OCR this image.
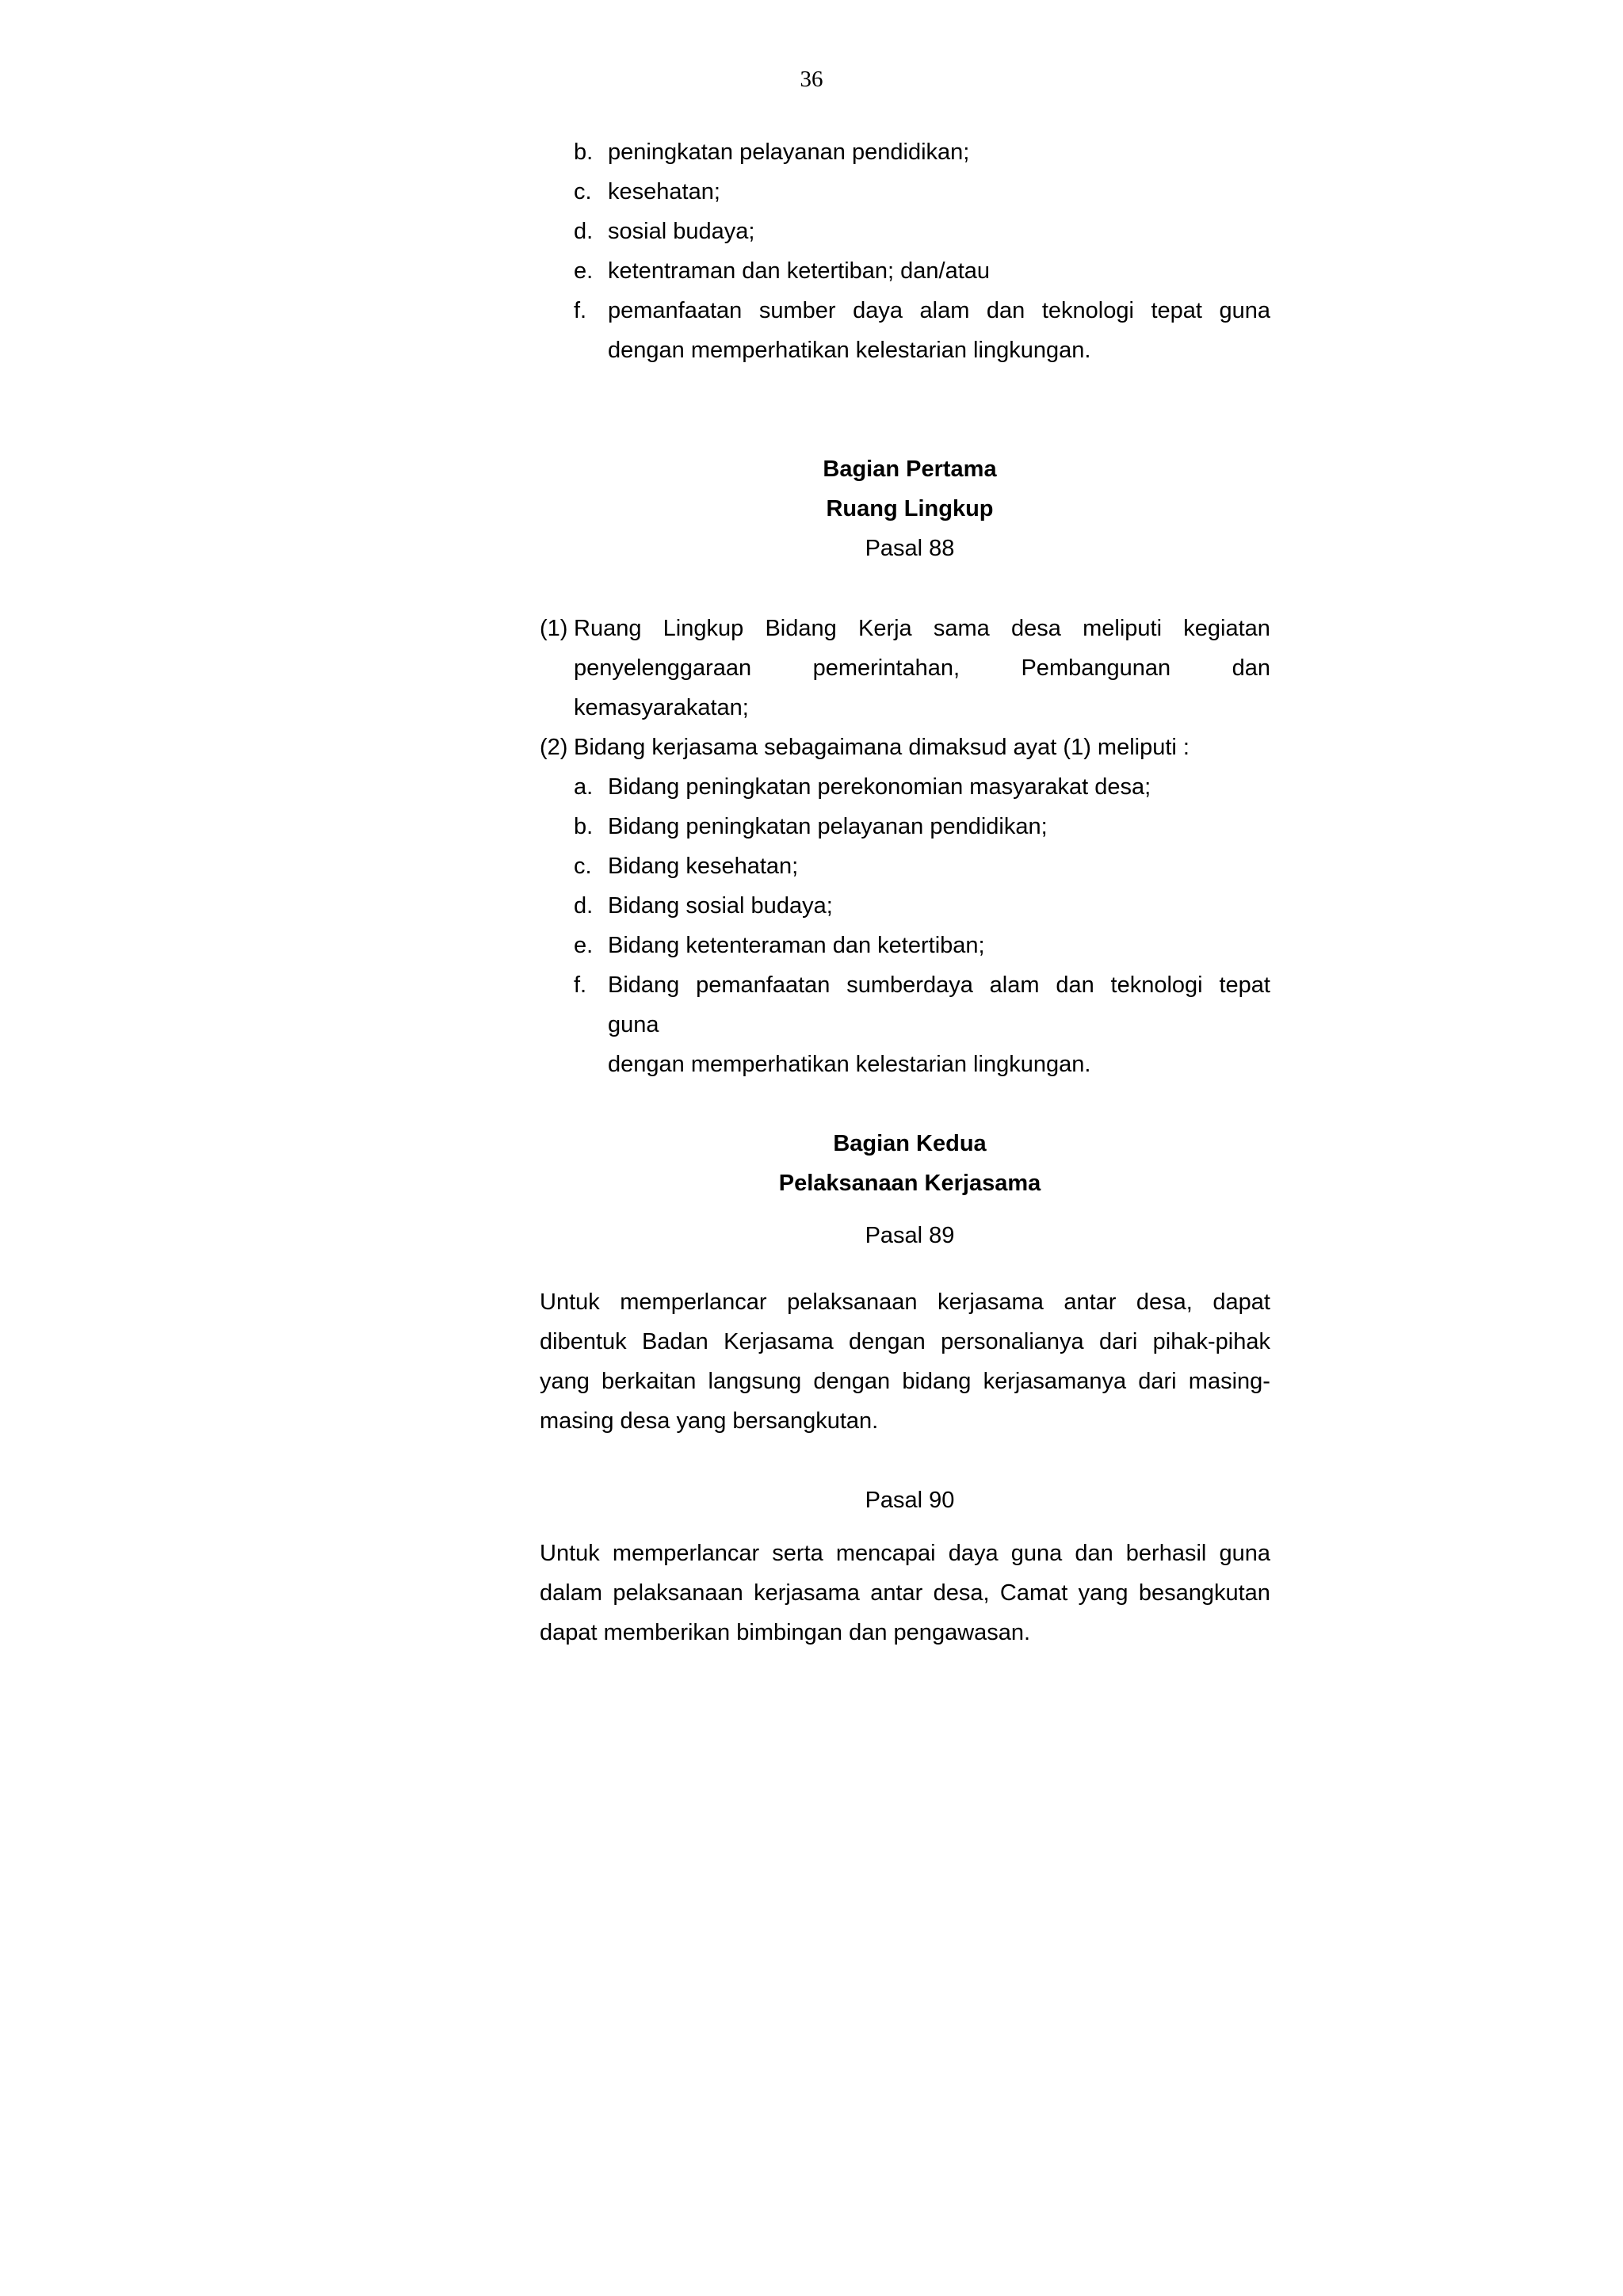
36
b. peningkatan pelayanan pendidikan;
c. kesehatan;
d. sosial budaya;
e. ketentraman dan ketertiban; dan/atau
f. pemanfaatan sumber daya alam dan teknologi tepat guna
dengan memperhatikan kelestarian lingkungan.
Bagian Pertama
Ruang Lingkup
Pasal 88
(1) Ruang Lingkup Bidang Kerja sama desa meliputi kegiatan
penyelenggaraan	pemerintahan,	Pembangunan	dan
kemasyarakatan;
(2) Bidang kerjasama sebagaimana dimaksud ayat (1) meliputi :
a. Bidang peningkatan perekonomian masyarakat desa;
b. Bidang peningkatan pelayanan pendidikan;
c. Bidang kesehatan;
d. Bidang sosial budaya;
e. Bidang ketenteraman dan ketertiban;
f. Bidang pemanfaatan sumberdaya alam dan teknologi tepat
guna
dengan memperhatikan kelestarian lingkungan.
Bagian Kedua
Pelaksanaan Kerjasama
Pasal 89
Untuk memperlancar pelaksanaan kerjasama antar desa, dapat
dibentuk Badan Kerjasama dengan personalianya dari pihak-pihak
yang berkaitan langsung dengan bidang kerjasamanya dari masing-
masing desa yang bersangkutan.
Pasal 90
Untuk memperlancar serta mencapai daya guna dan berhasil guna
dalam pelaksanaan kerjasama antar desa, Camat yang besangkutan
dapat memberikan bimbingan dan pengawasan.
